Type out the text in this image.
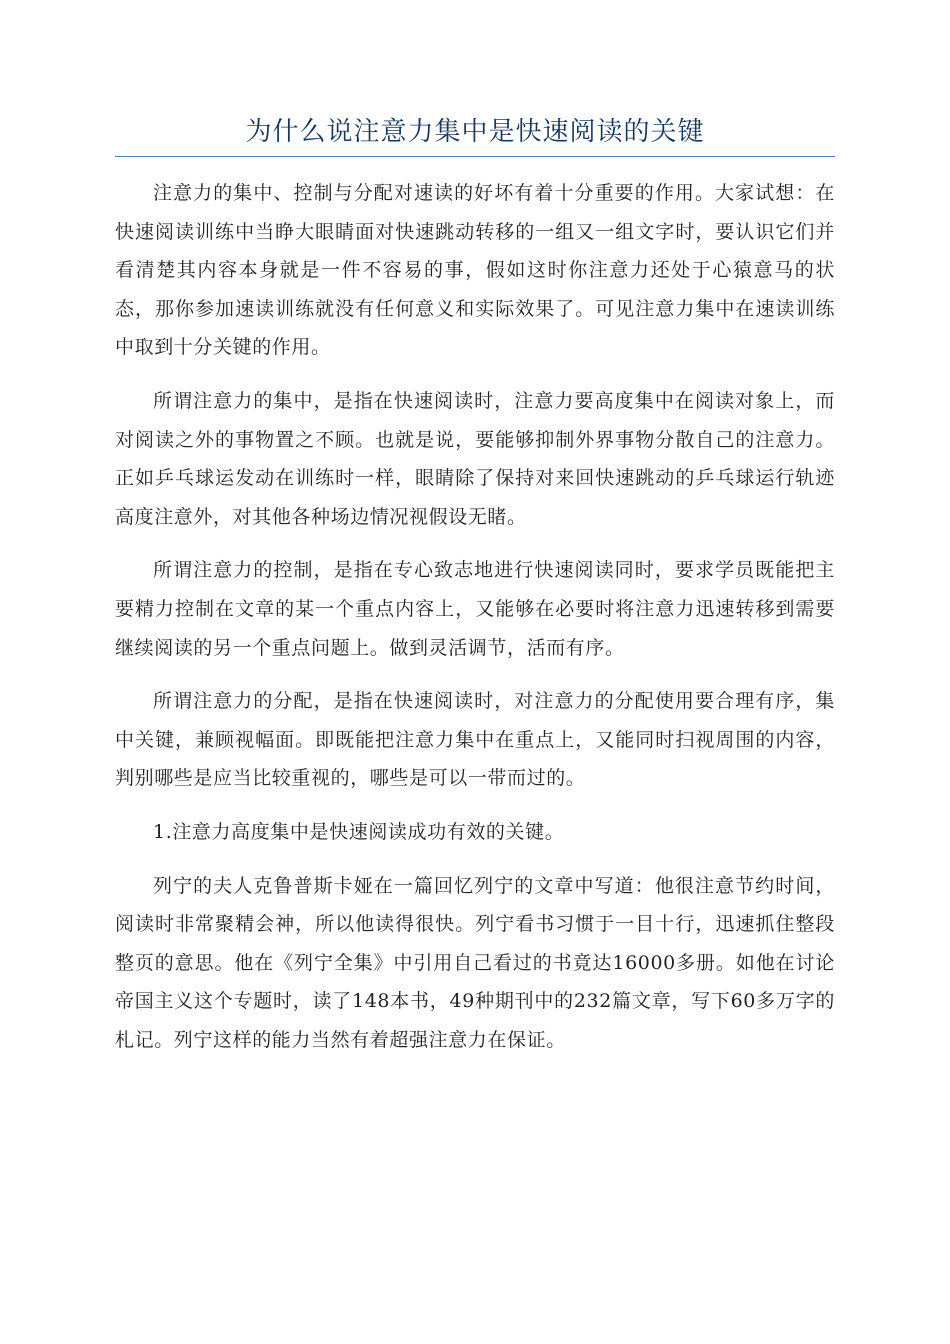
为什么说注意力集中是快速阅读的关键

注意力的集中、控制与分配对速读的好坏有着十分重要的作用。大家试想：在快速阅读训练中当睁大眼睛面对快速跳动转移的一组又一组文字时，要认识它们并看清楚其内容本身就是一件不容易的事，假如这时你注意力还处于心猿意马的状态，那你参加速读训练就没有任何意义和实际效果了。可见注意力集中在速读训练中取到十分关键的作用。

所谓注意力的集中，是指在快速阅读时，注意力要高度集中在阅读对象上，而对阅读之外的事物置之不顾。也就是说，要能够抑制外界事物分散自己的注意力。正如乒乓球运发动在训练时一样，眼睛除了保持对来回快速跳动的乒乓球运行轨迹高度注意外，对其他各种场边情况视假设无睹。

所谓注意力的控制，是指在专心致志地进行快速阅读同时，要求学员既能把主要精力控制在文章的某一个重点内容上，又能够在必要时将注意力迅速转移到需要继续阅读的另一个重点问题上。做到灵活调节，活而有序。

所谓注意力的分配，是指在快速阅读时，对注意力的分配使用要合理有序，集中关键，兼顾视幅面。即既能把注意力集中在重点上，又能同时扫视周围的内容，判别哪些是应当比较重视的，哪些是可以一带而过的。

1.注意力高度集中是快速阅读成功有效的关键。

列宁的夫人克鲁普斯卡娅在一篇回忆列宁的文章中写道：他很注意节约时间，阅读时非常聚精会神，所以他读得很快。列宁看书习惯于一目十行，迅速抓住整段整页的意思。他在《列宁全集》中引用自己看过的书竟达16000多册。如他在讨论帝国主义这个专题时，读了148本书，49种期刊中的232篇文章，写下60多万字的札记。列宁这样的能力当然有着超强注意力在保证。
